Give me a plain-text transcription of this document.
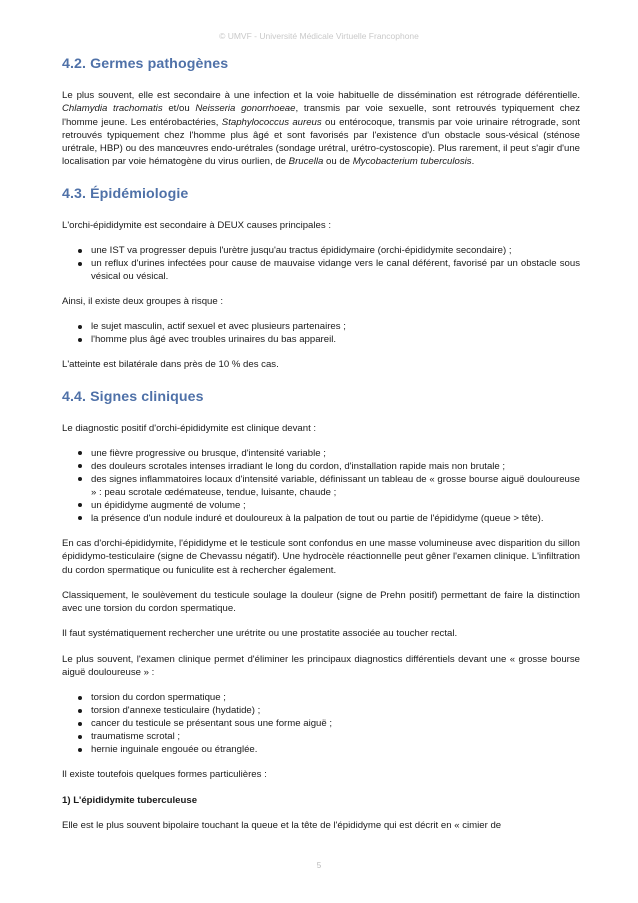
© UMVF - Université Médicale Virtuelle Francophone
4.2. Germes pathogènes

Le plus souvent, elle est secondaire à une infection et la voie habituelle de dissémination est rétrograde déférentielle. Chlamydia trachomatis et/ou Neisseria gonorrhoeae, transmis par voie sexuelle, sont retrouvés typiquement chez l'homme jeune. Les entérobactéries, Staphylococcus aureus ou entérocoque, transmis par voie urinaire rétrograde, sont retrouvés typiquement chez l'homme plus âgé et sont favorisés par l'existence d'un obstacle sous-vésical (sténose urétrale, HBP) ou des manœuvres endo-urétrales (sondage urétral, urétro-cystoscopie). Plus rarement, il peut s'agir d'une localisation par voie hématogène du virus ourlien, de Brucella ou de Mycobacterium tuberculosis.

4.3. Épidémiologie

L'orchi-épididymite est secondaire à DEUX causes principales :

une IST va progresser depuis l'urètre jusqu'au tractus épididymaire (orchi-épididymite secondaire) ;
un reflux d'urines infectées pour cause de mauvaise vidange vers le canal déférent, favorisé par un obstacle sous vésical ou vésical.

Ainsi, il existe deux groupes à risque :

le sujet masculin, actif sexuel et avec plusieurs partenaires ;
l'homme plus âgé avec troubles urinaires du bas appareil.

L'atteinte est bilatérale dans près de 10 % des cas.

4.4. Signes cliniques

Le diagnostic positif d'orchi-épididymite est clinique devant :

une fièvre progressive ou brusque, d'intensité variable ;
des douleurs scrotales intenses irradiant le long du cordon, d'installation rapide mais non brutale ;
des signes inflammatoires locaux d'intensité variable, définissant un tableau de « grosse bourse aiguë douloureuse » : peau scrotale œdémateuse, tendue, luisante, chaude ;
un épididyme augmenté de volume ;
la présence d'un nodule induré et douloureux à la palpation de tout ou partie de l'épididyme (queue > tête).

En cas d'orchi-épididymite, l'épididyme et le testicule sont confondus en une masse volumineuse avec disparition du sillon épididymo-testiculaire (signe de Chevassu négatif). Une hydrocèle réactionnelle peut gêner l'examen clinique. L'infiltration du cordon spermatique ou funiculite est à rechercher également.

Classiquement, le soulèvement du testicule soulage la douleur (signe de Prehn positif) permettant de faire la distinction avec une torsion du cordon spermatique.

Il faut systématiquement rechercher une urétrite ou une prostatite associée au toucher rectal.

Le plus souvent, l'examen clinique permet d'éliminer les principaux diagnostics différentiels devant une « grosse bourse aiguë douloureuse » :

torsion du cordon spermatique ;
torsion d'annexe testiculaire (hydatide) ;
cancer du testicule se présentant sous une forme aiguë ;
traumatisme scrotal ;
hernie inguinale engouée ou étranglée.

Il existe toutefois quelques formes particulières :

1) L'épididymite tuberculeuse

Elle est le plus souvent bipolaire touchant la queue et la tête de l'épididyme qui est décrit en « cimier de

5
